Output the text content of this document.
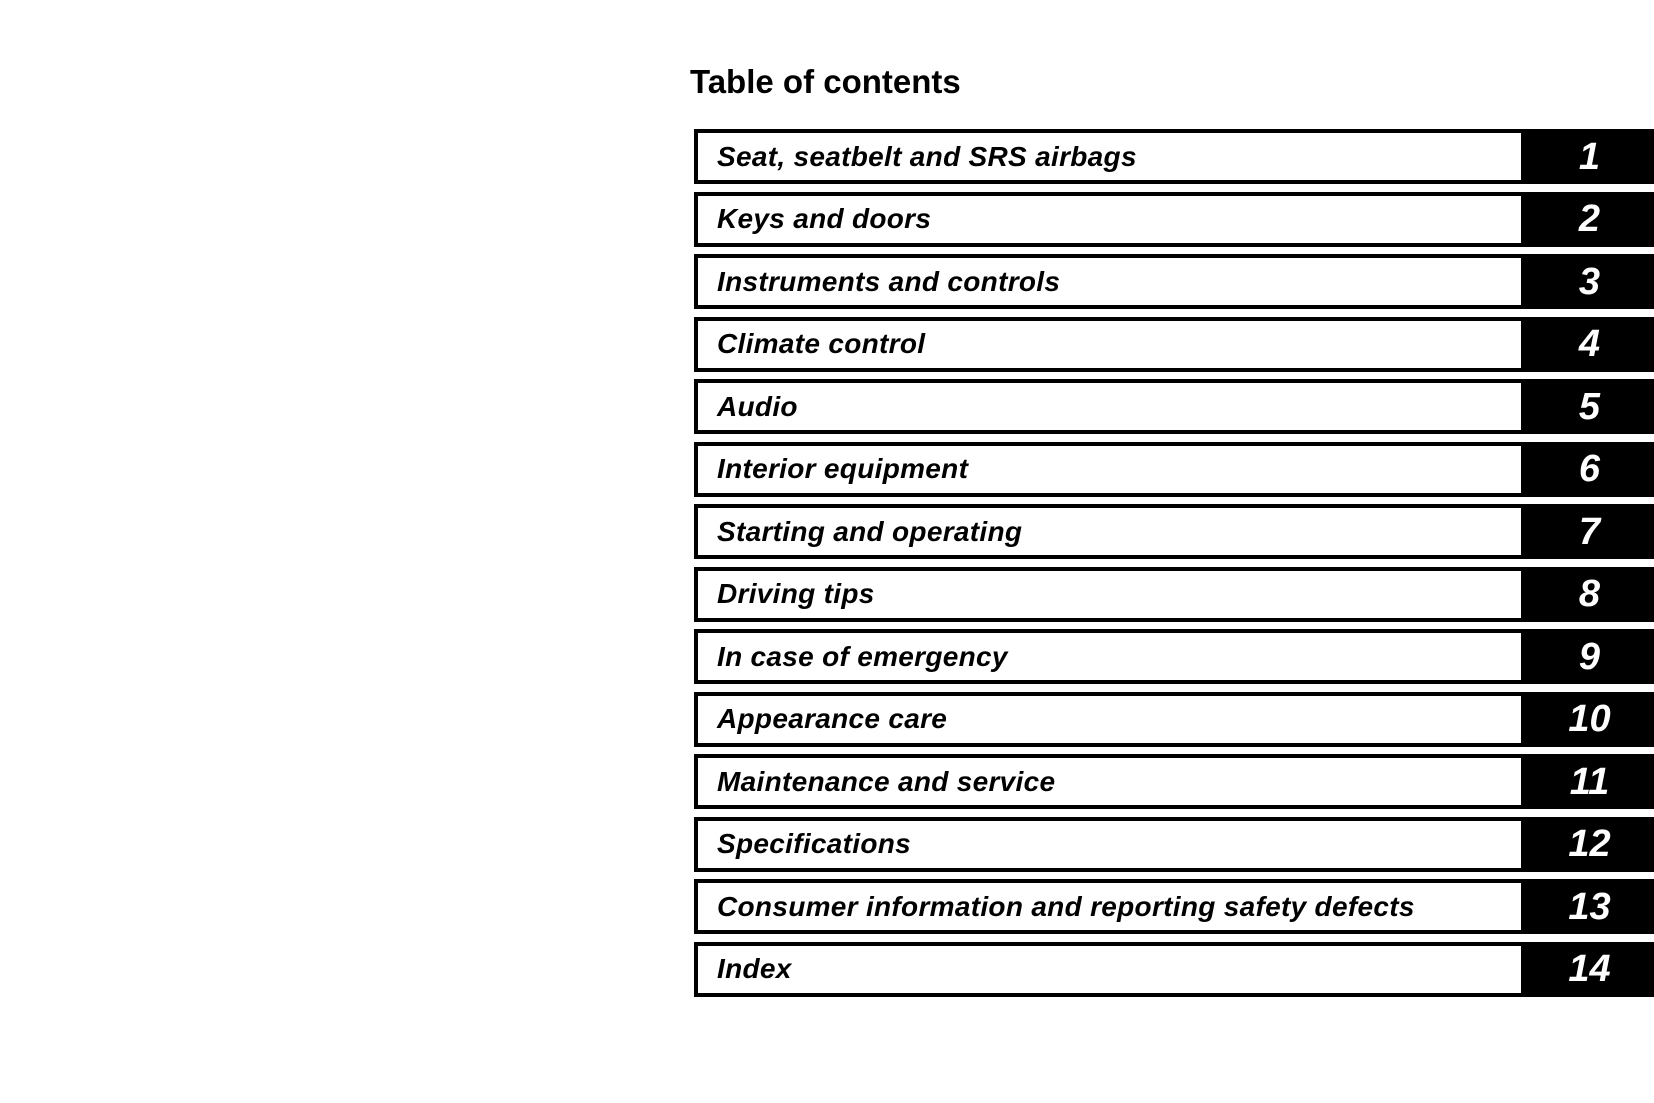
Table of contents
Seat, seatbelt and SRS airbags	1
Keys and doors	2
Instruments and controls	3
Climate control	4
Audio	5
Interior equipment	6
Starting and operating	7
Driving tips	8
In case of emergency	9
Appearance care	10
Maintenance and service	11
Specifications	12
Consumer information and reporting safety defects	13
Index	14
